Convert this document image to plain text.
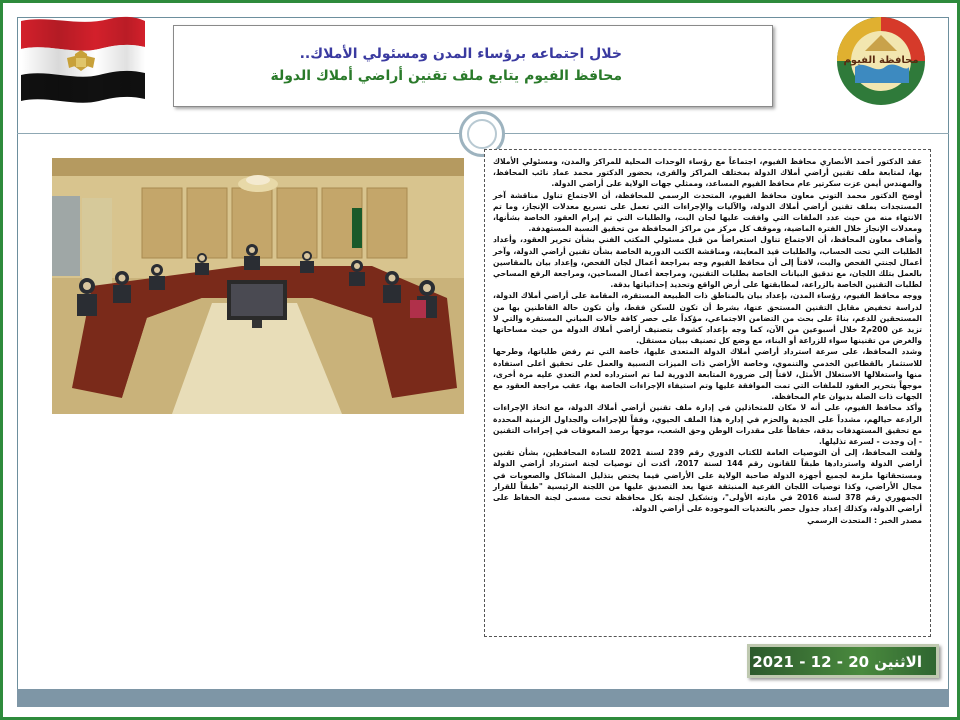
محافظة الفيوم
خلال اجتماعه برؤساء المدن ومسئولي الأملاك..
محافظ الفيوم يتابع ملف تقنين أراضي أملاك الدولة

عقد الدكتور أحمد الأنصاري محافظ الفيوم، اجتماعاً مع رؤساء الوحدات المحلية للمراكز والمدن، ومسئولي الأملاك بها، لمتابعة ملف تقنين أراضي أملاك الدولة بمختلف المراكز والقرى، بحضور الدكتور محمد عماد نائب المحافظ، والمهندس أيمن عزت سكرتير عام محافظ الفيوم المساعد، وممثلي جهات الولاية على أراضي الدولة.

أوضح الدكتور محمد التوني معاون محافظ الفيوم، المتحدث الرسمي للمحافظة، أن الاجتماع تناول مناقشة آخر المستجدات بملف تقنين أراضي أملاك الدولة، والآليات والإجراءات التي تعمل على تسريع معدلات الإنجاز، وما تم الانتهاء منه من حيث عدد الملفات التي وافقت عليها لجان البت، والطلبات التي تم إبرام العقود الخاصة بشأنها، ومعدلات الإنجاز خلال الفترة الماضية، وموقف كل مركز من مراكز المحافظة من تحقيق النسبة المستهدفة.

وأضاف معاون المحافظ، أن الاجتماع تناول استعراضاً من قبل مسئولي المكتب الفني بشأن تحرير العقود، وأعداد الطلبات التي تحت الحساب، والطلبات قيد المعاينة، ومناقشة الكتب الدورية الخاصة بشأن تقنين أراضي الدولة، وآخر أعمال لجنتي الفحص والبت، لافتاً إلى أن محافظ الفيوم وجه بمراجعة أعمال لجان الفحص، وإعداد بيان بالمقاسين بالعمل بتلك اللجان، مع تدقيق البيانات الخاصة بطلبات التقنين، ومراجعة أعمال المساحين، ومراجعة الرفع المساحي لطلبات التقنين الخاصة بالزراعة، لمطابقتها على أرض الواقع وتحديد إحداثياتها بدقة.

ووجه محافظ الفيوم، رؤساء المدن، بإعداد بيان بالمناطق ذات الطبيعة المستقرة، المقامة على أراضي أملاك الدولة، لدراسة تخفيض مقابل التقنين المستحق عنها، بشرط أن تكون للسكن فقط، وأن تكون حالة القاطنين بها من المستحقين للدعم، بناءً على بحث من التضامن الاجتماعي، مؤكداً على حصر كافة حالات المباني المستقرة والتي لا تزيد عن 200م2 خلال أسبوعين من الآن، كما وجه بإعداد كشوف بتصنيف أراضي أملاك الدولة من حيث مساحاتها والغرض من تقنينها سواء للزراعة أو البناء، مع وضع كل تصنيف ببيان مستقل.

وشدد المحافظ، على سرعة استرداد أراضي أملاك الدولة المتعدى عليها، خاصة التي تم رفض طلباتها، وطرحها للاستثمار بالقطاعين الخدمي والتنموي، وخاصة الأراضي ذات الميزات النسبية والعمل على تحقيق أعلى استفادة منها واستغلالها الاستغلال الأمثل، لافتاً إلى ضرورة المتابعة الدورية لما تم استرداده لعدم التعدي عليه مرة أخرى، موجهاً بتحرير العقود للملفات التي تمت الموافقة عليها وتم استيفاء الإجراءات الخاصة بها، عقب مراجعة العقود مع الجهات ذات الصلة بديوان عام المحافظة.

وأكد محافظ الفيوم، على أنه لا مكان للمتخاذلين في إدارة ملف تقنين أراضي أملاك الدولة، مع اتخاذ الإجراءات الرادعة حيالهم، مشدداً على الجدية والحزم في إدارة هذا الملف الحيوي، وفقاً للإجراءات والجداول الزمنية المحددة مع تحقيق المستهدفات بدقة، حفاظاً على مقدرات الوطن وحق الشعب، موجهاً برصد المعوقات في إجراءات التقنين - إن وجدت - لسرعة تذليلها.

ولفت المحافظ، إلى أن التوصيات العامة للكتاب الدوري رقم 239 لسنة 2021 للسادة المحافظين، بشأن تقنين أراضي الدولة واستردادها طبقاً للقانون رقم 144 لسنة 2017، أكدت أن توصيات لجنة استرداد أراضي الدولة ومستحقاتها ملزمة لجميع أجهزة الدولة صاحبة الولاية على الأراضي فيما يختص بتذليل المشاكل والصعوبات في مجال الأراضي، وكذا توصيات اللجان الفرعية المنبثقة عنها بعد التصديق عليها من اللجنة الرئيسية "طبقاً للقرار الجمهوري رقم 378 لسنة 2016 في مادته الأولى"، وتشكيل لجنة بكل محافظة تحت مسمى لجنة الحفاظ على أراضي الدولة، وكذلك إعداد جدول حصر بالتعديات الموجودة على أراضي الدولة.

مصدر الخبر : المتحدث الرسمي

الاثنين 20 - 12 - 2021
